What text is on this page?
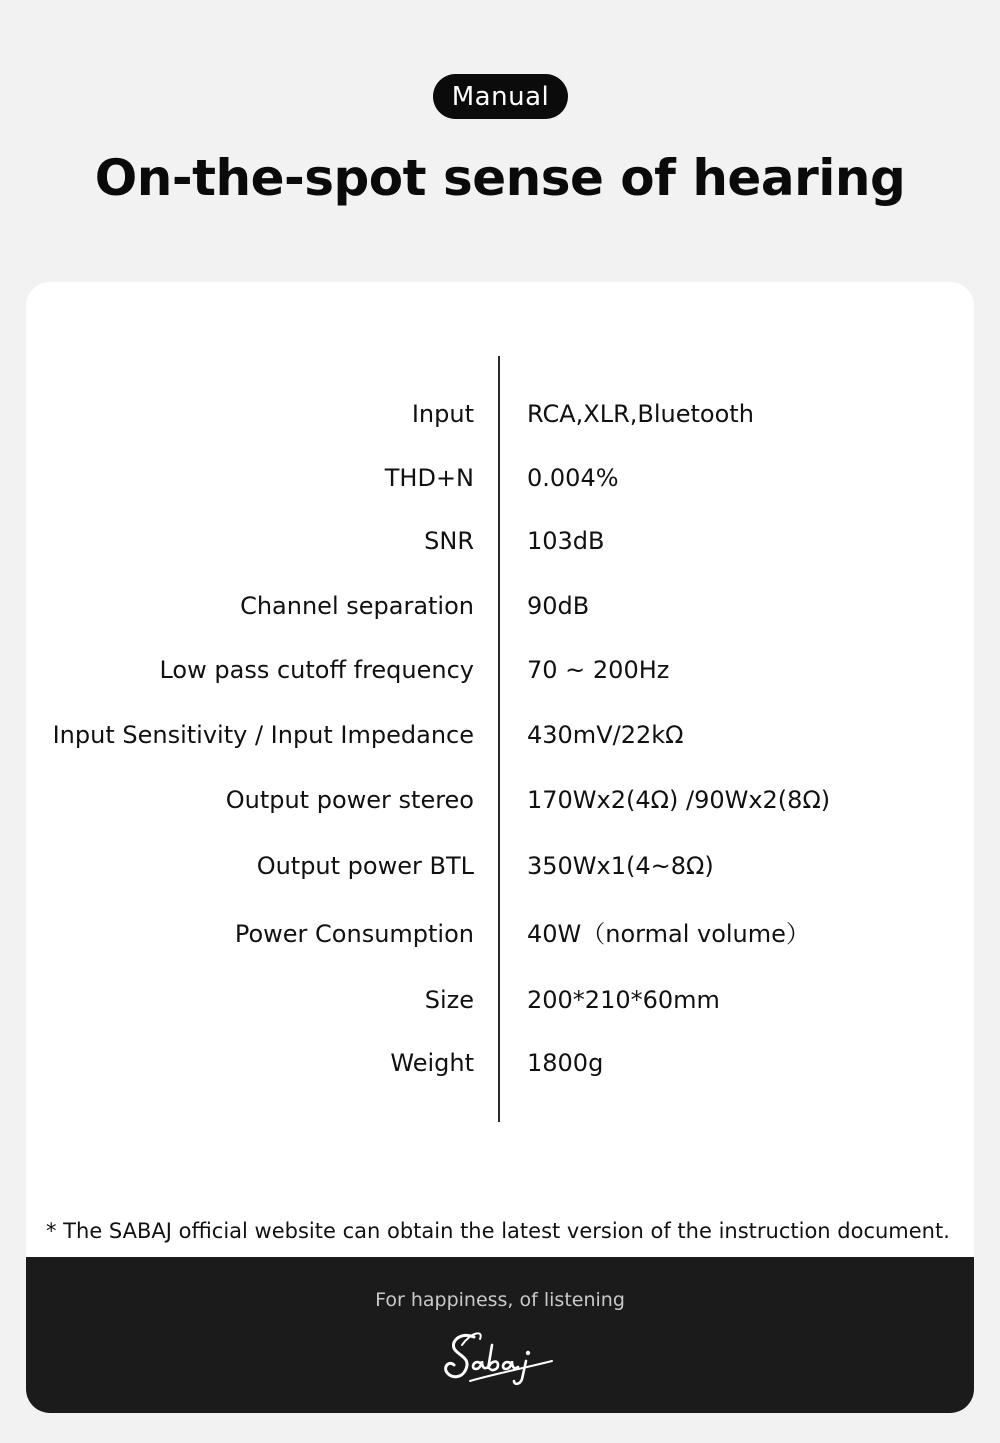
Manual
On-the-spot sense of hearing
Input RCA,XLR,Bluetooth
THD+N 0.004%
SNR 103dB
Channel separation 90dB
Low pass cutoff frequency 70 ~ 200Hz
Input Sensitivity / Input Impedance 430mV/22kΩ
Output power stereo 170Wx2(4Ω) /90Wx2(8Ω)
Output power BTL 350Wx1(4~8Ω)
Power Consumption 40W（normal volume）
Size 200*210*60mm
Weight 1800g
* The SABAJ official website can obtain the latest version of the instruction document.
For happiness, of listening
